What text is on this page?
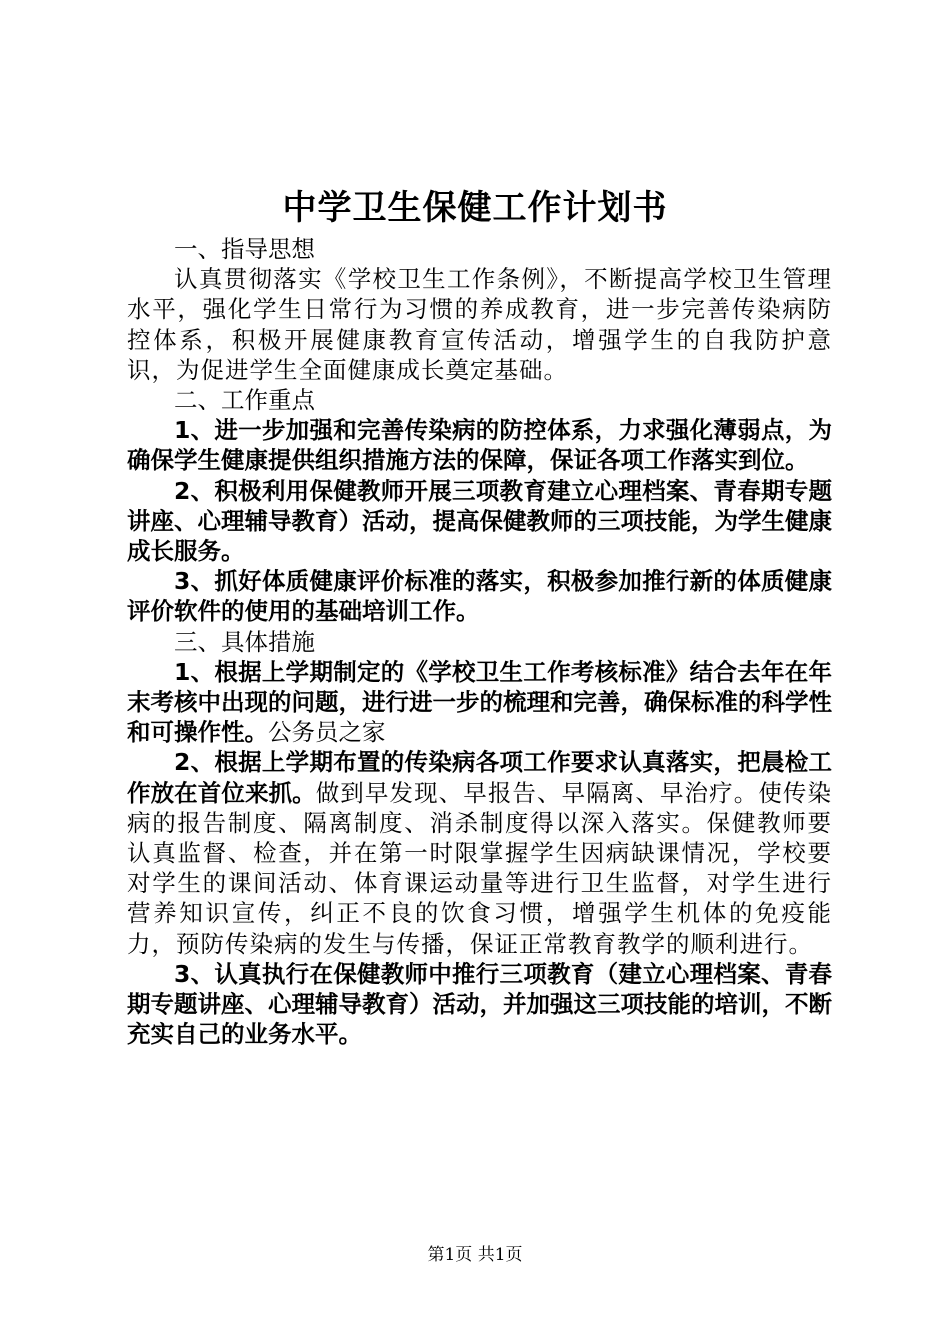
中学卫生保健工作计划书

一、指导思想

认真贯彻落实《学校卫生工作条例》，不断提高学校卫生管理水平，强化学生日常行为习惯的养成教育，进一步完善传染病防控体系，积极开展健康教育宣传活动，增强学生的自我防护意识，为促进学生全面健康成长奠定基础。

二、工作重点

1、进一步加强和完善传染病的防控体系，力求强化薄弱点，为确保学生健康提供组织措施方法的保障，保证各项工作落实到位。

2、积极利用保健教师开展三项教育建立心理档案、青春期专题讲座、心理辅导教育）活动，提高保健教师的三项技能，为学生健康成长服务。

3、抓好体质健康评价标准的落实，积极参加推行新的体质健康评价软件的使用的基础培训工作。

三、具体措施

1、根据上学期制定的《学校卫生工作考核标准》结合去年在年末考核中出现的问题，进行进一步的梳理和完善，确保标准的科学性和可操作性。公务员之家

2、根据上学期布置的传染病各项工作要求认真落实，把晨检工作放在首位来抓。做到早发现、早报告、早隔离、早治疗。使传染病的报告制度、隔离制度、消杀制度得以深入落实。保健教师要认真监督、检查，并在第一时限掌握学生因病缺课情况，学校要对学生的课间活动、体育课运动量等进行卫生监督，对学生进行营养知识宣传，纠正不良的饮食习惯，增强学生机体的免疫能力，预防传染病的发生与传播，保证正常教育教学的顺利进行。

3、认真执行在保健教师中推行三项教育（建立心理档案、青春期专题讲座、心理辅导教育）活动，并加强这三项技能的培训，不断充实自己的业务水平。

第1页 共1页
